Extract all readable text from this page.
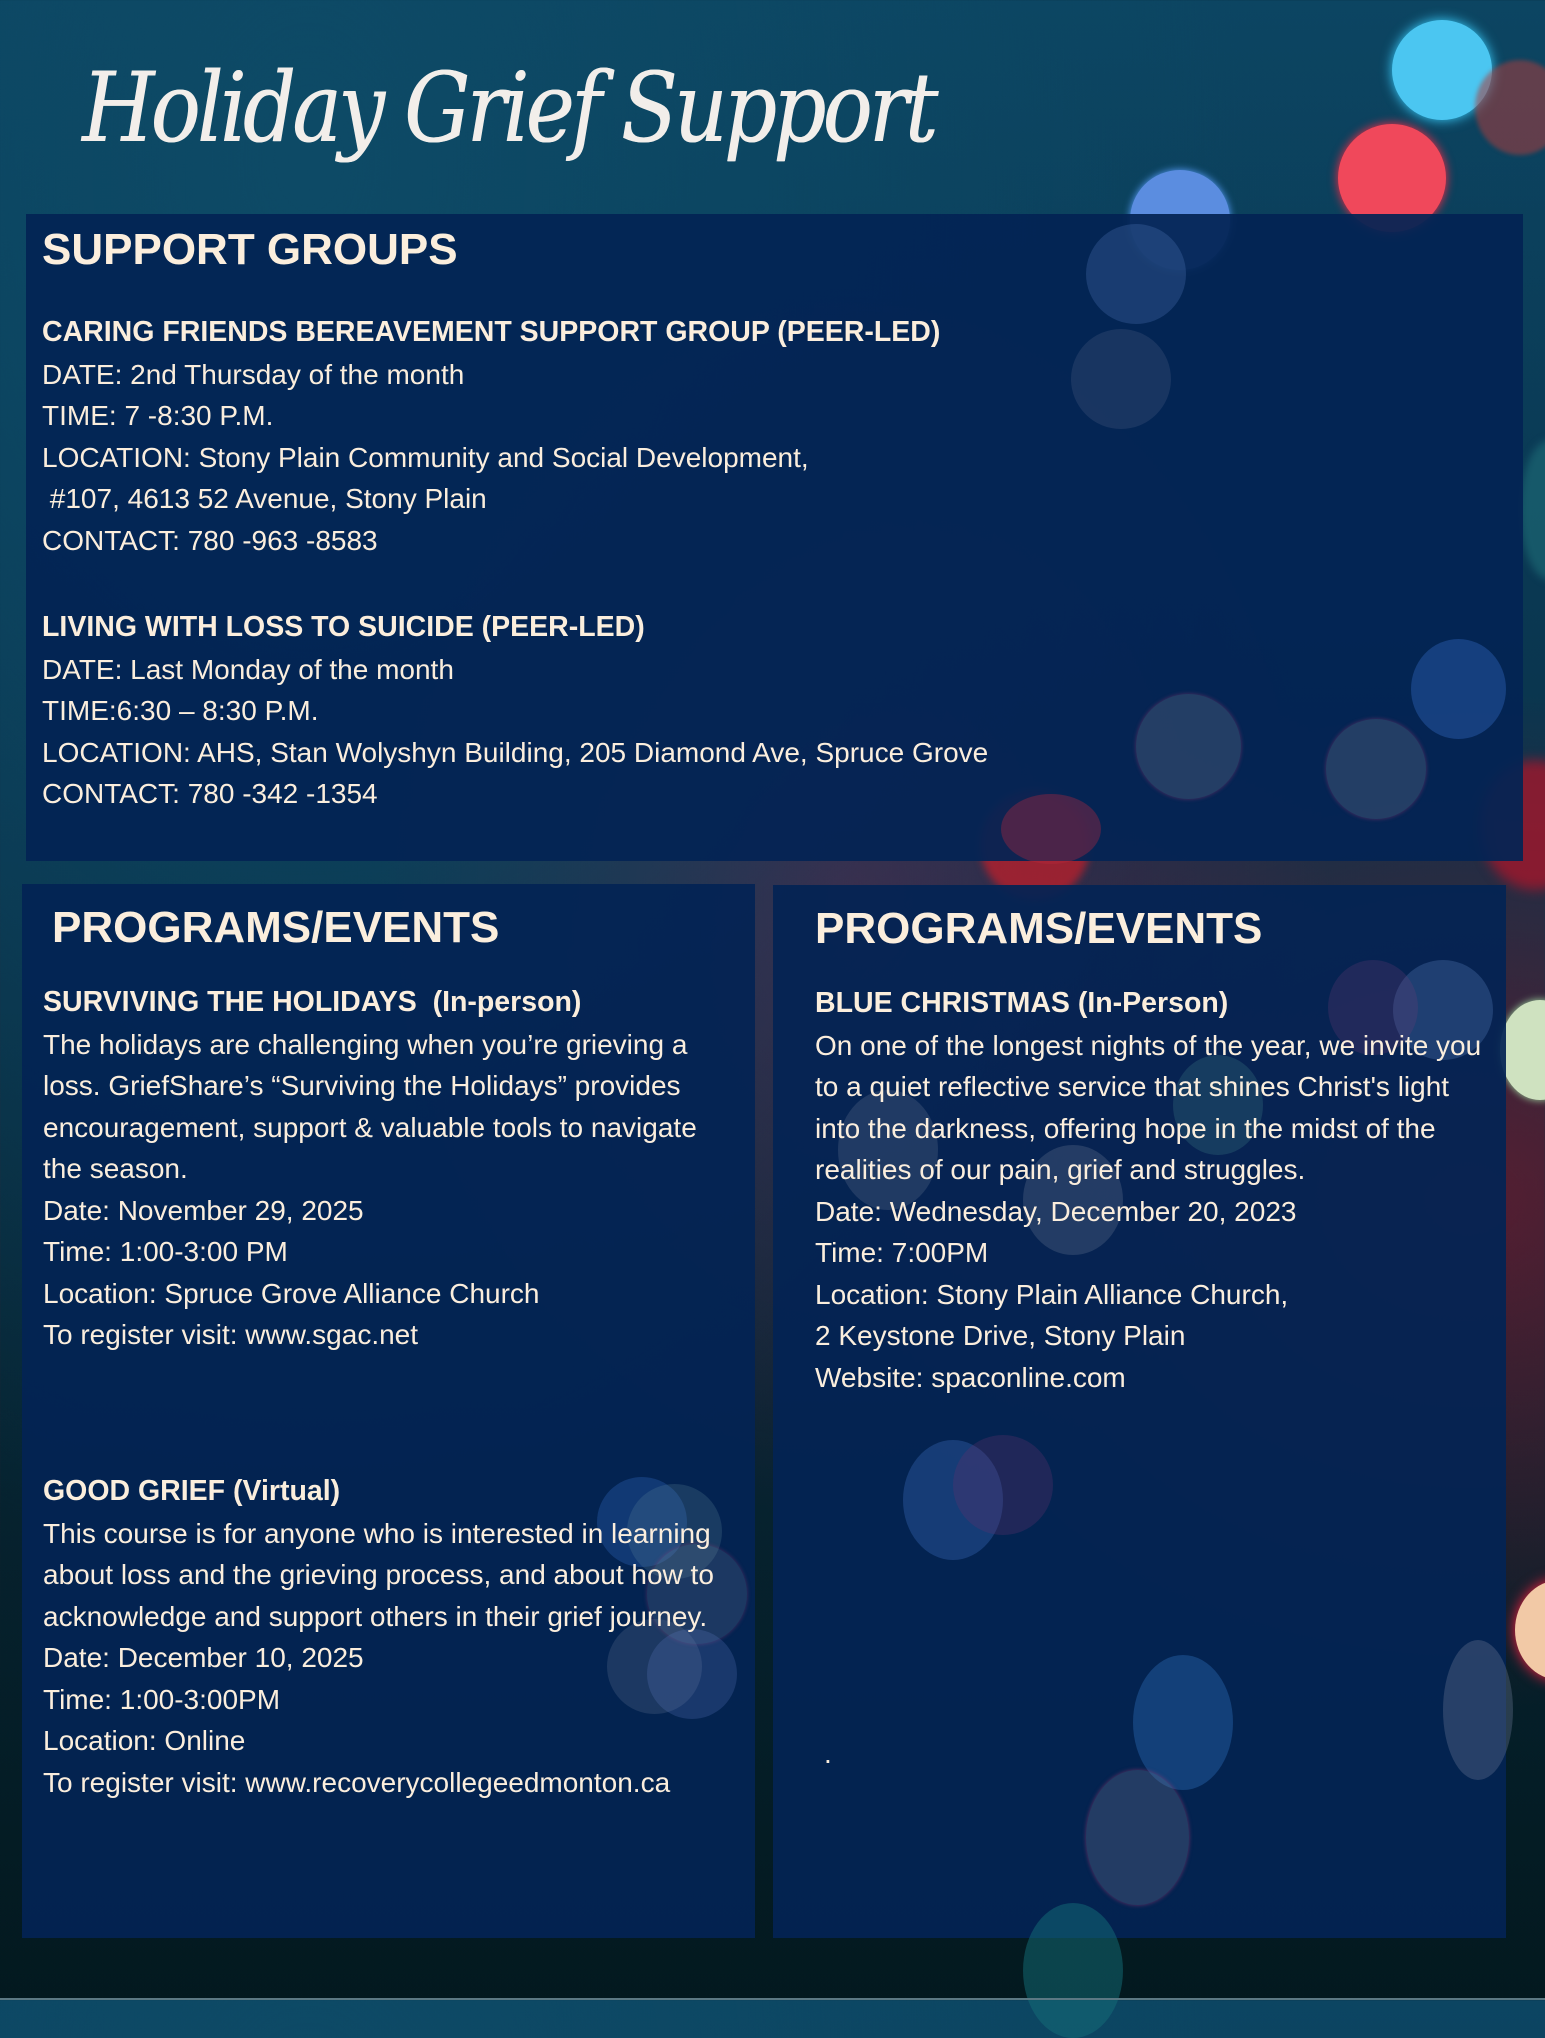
Holiday Grief Support
SUPPORT GROUPS
CARING FRIENDS BEREAVEMENT SUPPORT GROUP (PEER-LED)

DATE: 2nd Thursday of the month

TIME: 7 -8:30 P.M.

LOCATION: Stony Plain Community and Social Development,

#107, 4613 52 Avenue, Stony Plain

CONTACT: 780 -963 -8583

LIVING WITH LOSS TO SUICIDE (PEER-LED)

DATE: Last Monday of the month

TIME:6:30 – 8:30 P.M.

LOCATION: AHS, Stan Wolyshyn Building, 205 Diamond Ave, Spruce Grove

CONTACT: 780 -342 -1354

PROGRAMS/EVENTS
SURVIVING THE HOLIDAYS  (In-person)

The holidays are challenging when you’re grieving a loss. GriefShare’s “Surviving the Holidays” provides encouragement, support & valuable tools to navigate the season.

Date: November 29, 2025

Time: 1:00-3:00 PM

Location: Spruce Grove Alliance Church

To register visit: www.sgac.net

GOOD GRIEF (Virtual)

This course is for anyone who is interested in learning about loss and the grieving process, and about how to acknowledge and support others in their grief journey.

Date: December 10, 2025

Time: 1:00-3:00PM

Location: Online

To register visit: www.recoverycollegeedmonton.ca

PROGRAMS/EVENTS
BLUE CHRISTMAS (In-Person)

On one of the longest nights of the year, we invite you to a quiet reflective service that shines Christ's light into the darkness, offering hope in the midst of the realities of our pain, grief and struggles.

Date: Wednesday, December 20, 2023

Time: 7:00PM

Location: Stony Plain Alliance Church,

2 Keystone Drive, Stony Plain

Website: spaconline.com

.
